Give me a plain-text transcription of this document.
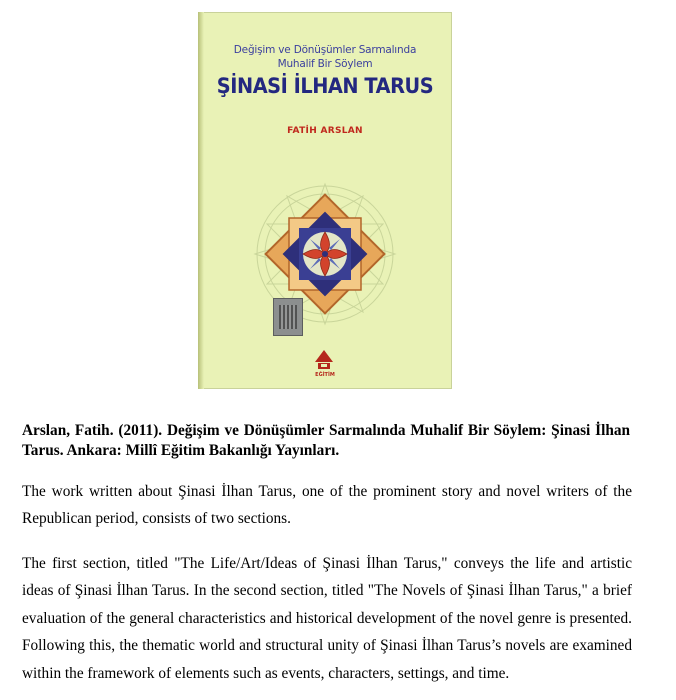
Değişim ve Dönüşümler Sarmalında
Muhalif Bir Söylem
ŞİNASİ İLHAN TARUS
FATİH ARSLAN
EĞİTİM
Arslan, Fatih. (2011). Değişim ve Dönüşümler Sarmalında Muhalif Bir Söylem: Şinasi İlhan Tarus. Ankara: Millî Eğitim Bakanlığı Yayınları.

The work written about Şinasi İlhan Tarus, one of the prominent story and novel writers of the Republican period, consists of two sections.

The first section, titled "The Life/Art/Ideas of Şinasi İlhan Tarus," conveys the life and artistic ideas of Şinasi İlhan Tarus. In the second section, titled "The Novels of Şinasi İlhan Tarus," a brief evaluation of the general characteristics and historical development of the novel genre is presented. Following this, the thematic world and structural unity of Şinasi İlhan Tarus’s novels are examined within the framework of elements such as events, characters, settings, and time.
